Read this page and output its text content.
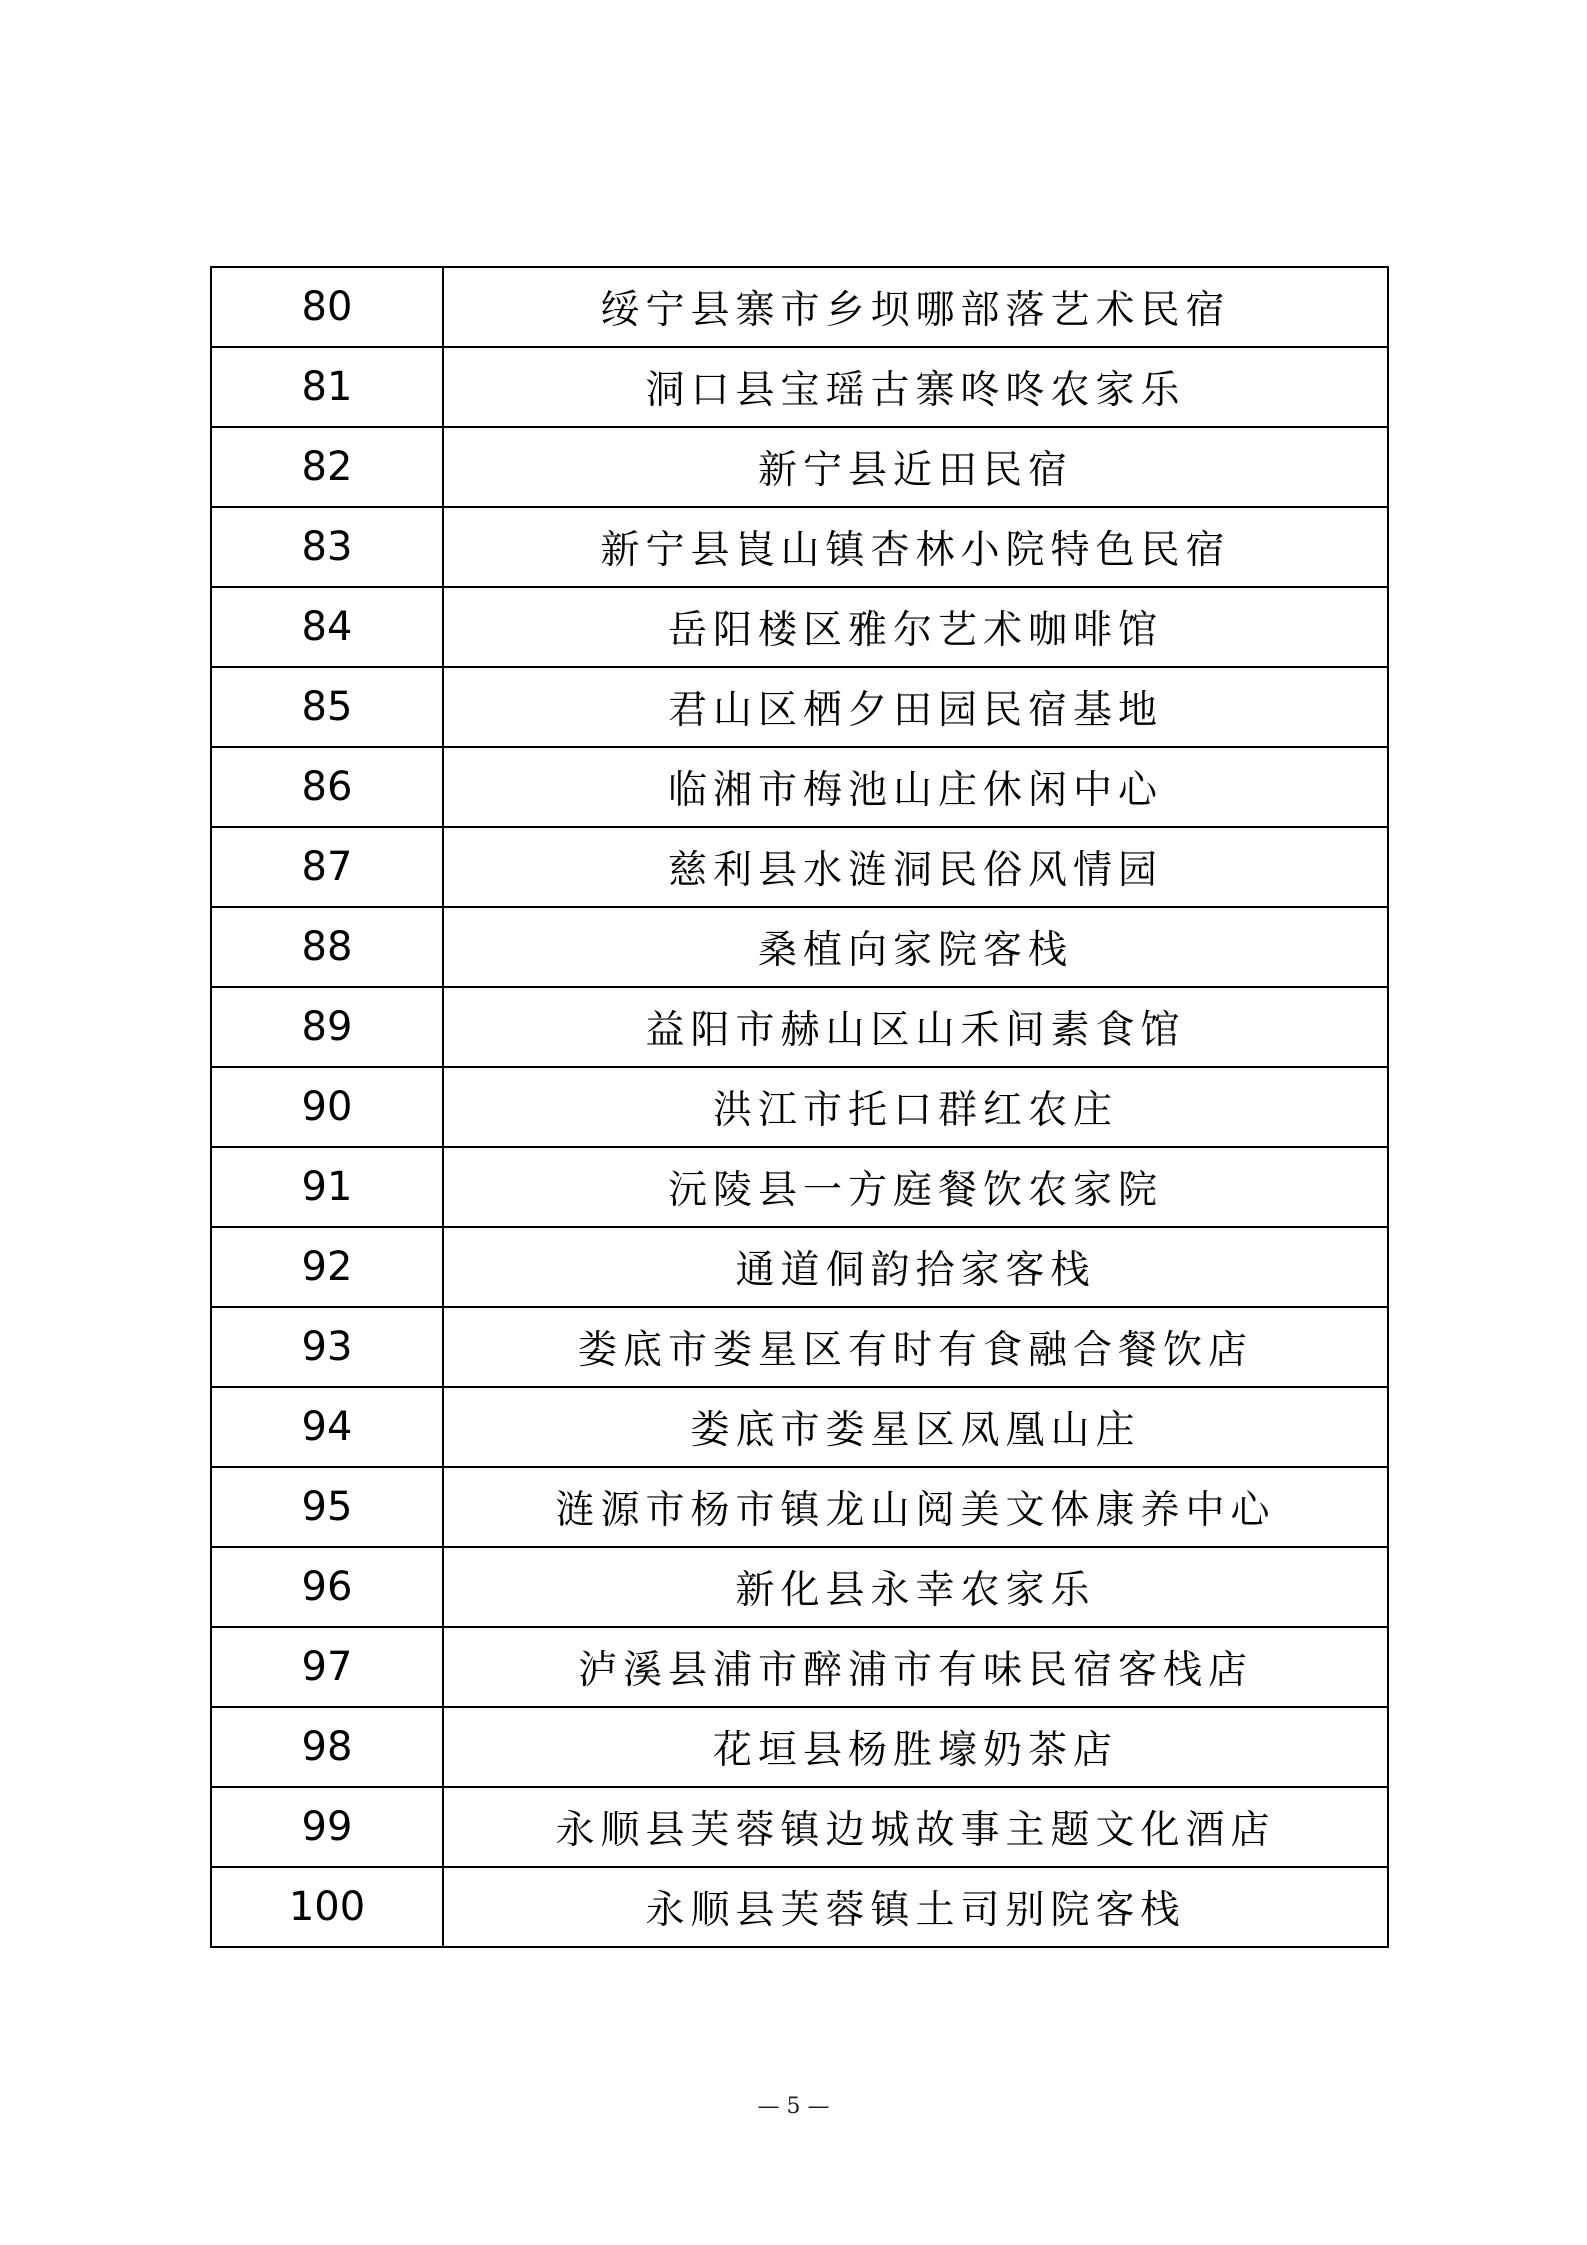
80	绥宁县寨市乡坝哪部落艺术民宿
81	洞口县宝瑶古寨咚咚农家乐
82	新宁县近田民宿
83	新宁县崀山镇杏林小院特色民宿
84	岳阳楼区雅尔艺术咖啡馆
85	君山区栖夕田园民宿基地
86	临湘市梅池山庄休闲中心
87	慈利县水涟洞民俗风情园
88	桑植向家院客栈
89	益阳市赫山区山禾间素食馆
90	洪江市托口群红农庄
91	沅陵县一方庭餐饮农家院
92	通道侗韵拾家客栈
93	娄底市娄星区有时有食融合餐饮店
94	娄底市娄星区凤凰山庄
95	涟源市杨市镇龙山阅美文体康养中心
96	新化县永幸农家乐
97	泸溪县浦市醉浦市有味民宿客栈店
98	花垣县杨胜壕奶茶店
99	永顺县芙蓉镇边城故事主题文化酒店
100	永顺县芙蓉镇土司别院客栈
— 5 —
